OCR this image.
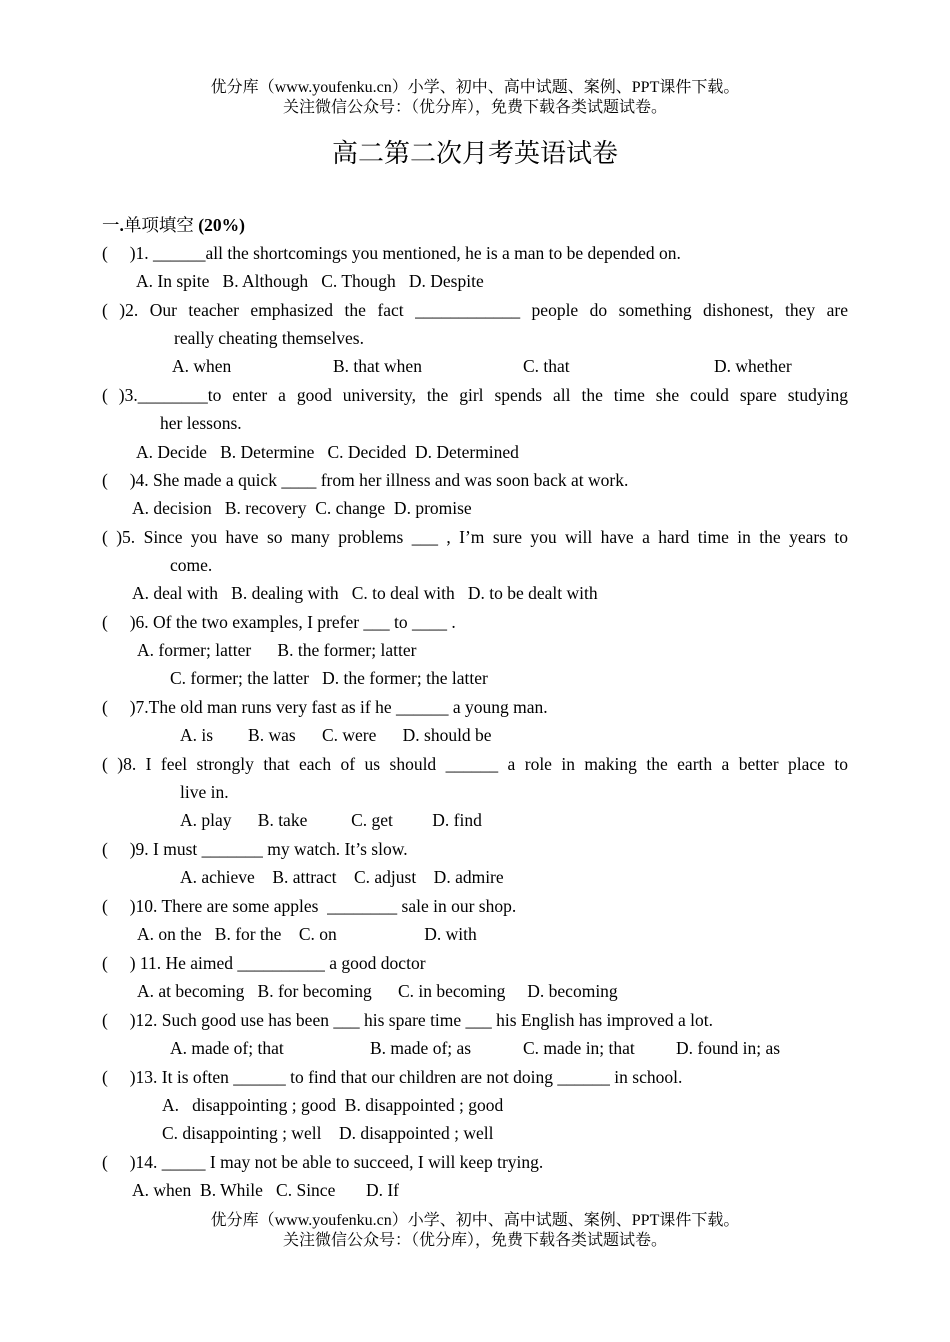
优分库（www.youfenku.cn）小学、初中、高中试题、案例、PPT课件下载。
关注微信公众号：（优分库），免费下载各类试题试卷。
高二第二次月考英语试卷
一.单项填空 (20%)
(     )1. ______all the shortcomings you mentioned, he is a man to be depended on.
A. In spite   B. Although   C. Though   D. Despite
( )2. Our teacher emphasized the fact ____________ people do something dishonest, they are
really cheating themselves.
A. when	B. that when	C. that	D. whether
( )3.________to enter a good university, the girl spends all the time she could spare studying
her lessons.
A. Decide   B. Determine   C. Decided  D. Determined
(     )4. She made a quick ____ from her illness and was soon back at work.
A. decision   B. recovery  C. change  D. promise
( )5. Since you have so many problems ___ , I’m sure you will have a hard time in the years to
come.
A. deal with   B. dealing with   C. to deal with   D. to be dealt with
(     )6. Of the two examples, I prefer ___ to ____ .
A. former; latter      B. the former; latter
C. former; the latter   D. the former; the latter
(     )7.The old man runs very fast as if he ______ a young man.
A. is        B. was      C. were      D. should be
( )8. I feel strongly that each of us should ______ a role in making the earth a better place to
live in.
A. play      B. take          C. get         D. find
(     )9. I must _______ my watch. It’s slow.
A. achieve    B. attract    C. adjust    D. admire
(     )10. There are some apples  ________ sale in our shop.
A. on the   B. for the    C. on                    D. with
(     ) 11. He aimed __________ a good doctor
A. at becoming   B. for becoming      C. in becoming     D. becoming
(     )12. Such good use has been ___ his spare time ___ his English has improved a lot.
A. made of; that	B. made of; as	C. made in; that D. found in; as
(     )13. It is often ______ to find that our children are not doing ______ in school.
A.   disappointing ; good  B. disappointed ; good
C. disappointing ; well    D. disappointed ; well
(     )14. _____ I may not be able to succeed, I will keep trying.
A. when  B. While   C. Since       D. If
优分库（www.youfenku.cn）小学、初中、高中试题、案例、PPT课件下载。
关注微信公众号：（优分库），免费下载各类试题试卷。
